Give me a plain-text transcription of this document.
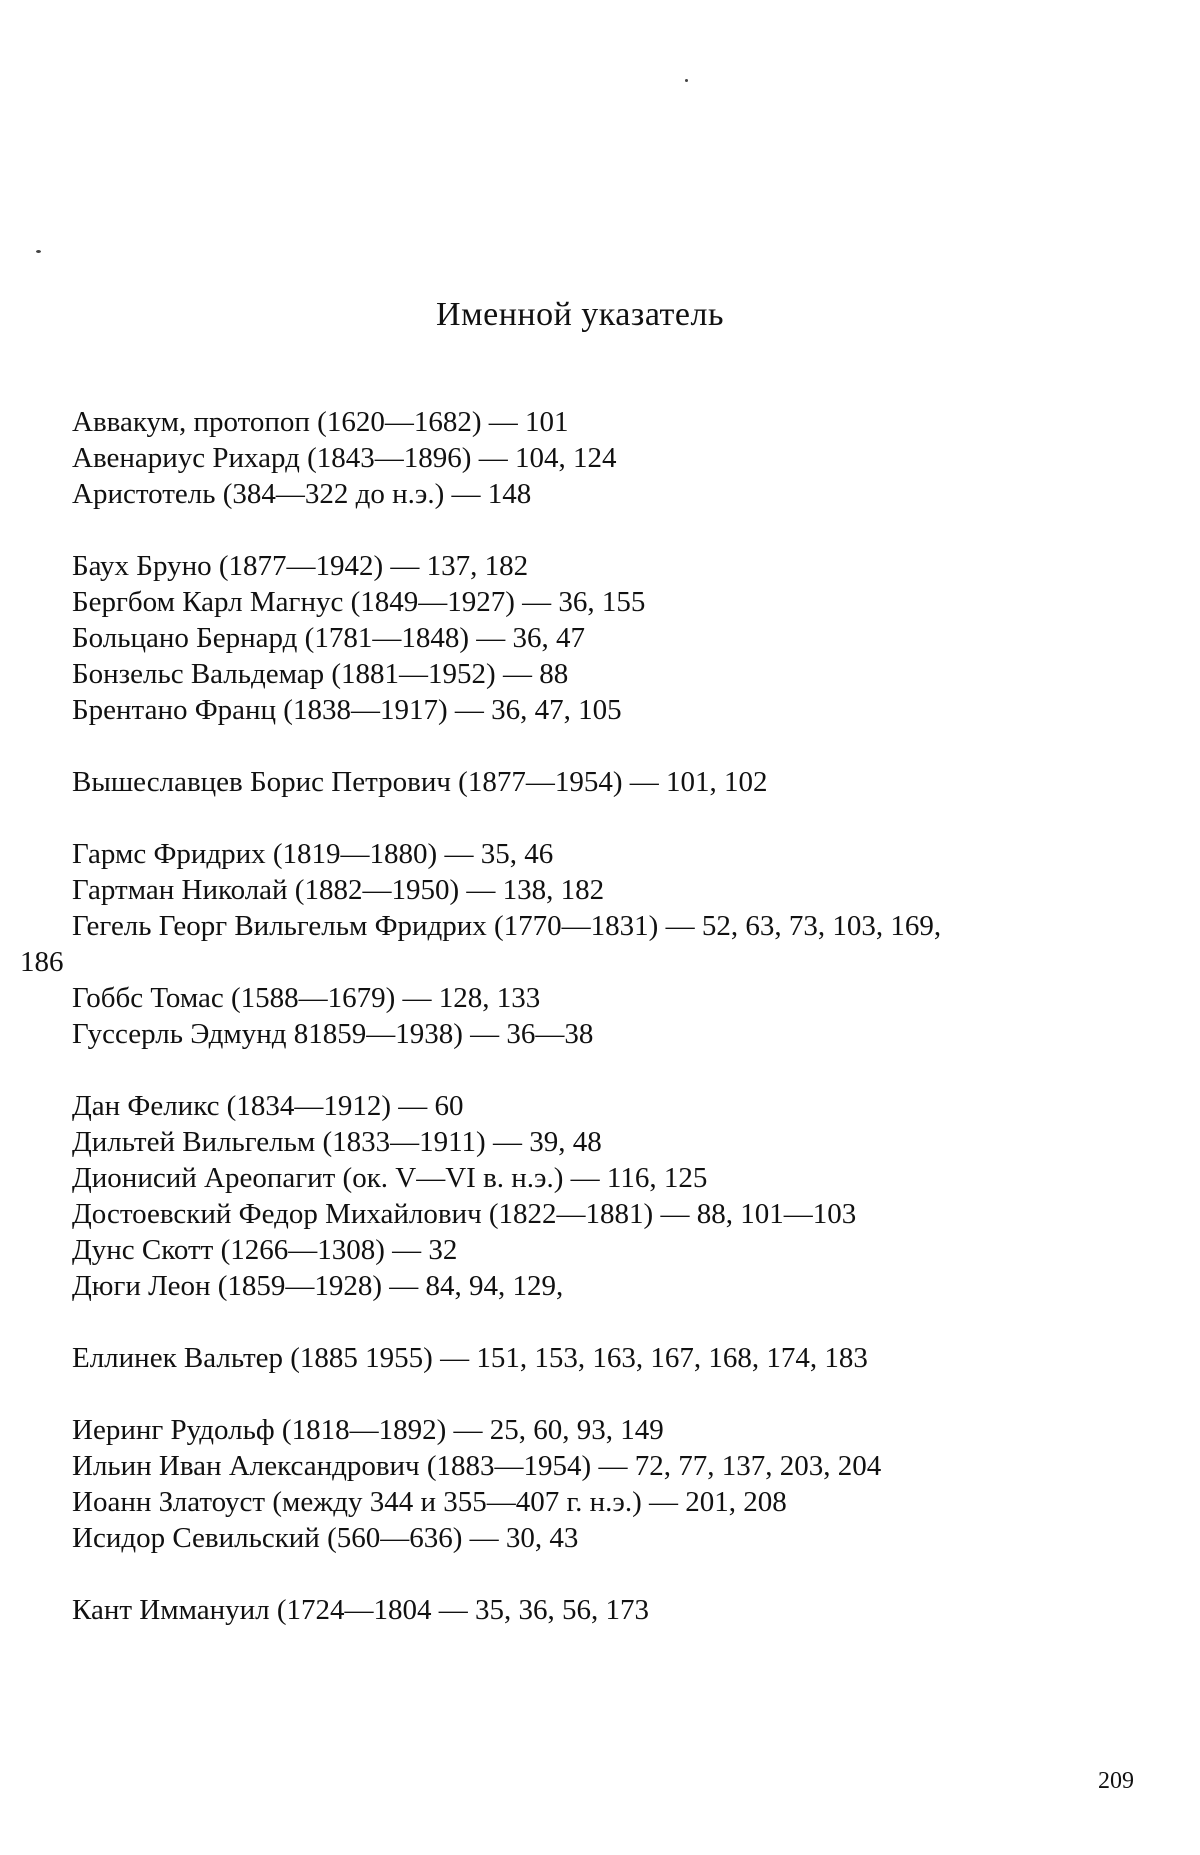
Именной указатель
Аввакум, протопоп (1620—1682) — 101
Авенариус Рихард (1843—1896) — 104, 124
Аристотель (384—322 до н.э.) — 148
Баух Бруно (1877—1942) — 137, 182
Бергбом Карл Магнус (1849—1927) — 36, 155
Больцано Бернард (1781—1848) — 36, 47
Бонзельс Вальдемар (1881—1952) — 88
Брентано Франц (1838—1917) — 36, 47, 105
Вышеславцев Борис Петрович (1877—1954) — 101, 102
Гармс Фридрих (1819—1880) — 35, 46
Гартман Николай (1882—1950) — 138, 182
Гегель Георг Вильгельм Фридрих (1770—1831) — 52, 63, 73, 103, 169,
186
Гоббс Томас (1588—1679) — 128, 133
Гуссерль Эдмунд 81859—1938) — 36—38
Дан Феликс (1834—1912) — 60
Дильтей Вильгельм (1833—1911) — 39, 48
Дионисий Ареопагит (ок. V—VI в. н.э.) — 116, 125
Достоевский Федор Михайлович (1822—1881) — 88, 101—103
Дунс Скотт (1266—1308) — 32
Дюги Леон (1859—1928) — 84, 94, 129,
Еллинек Вальтер (1885 1955) — 151, 153, 163, 167, 168, 174, 183
Иеринг Рудольф (1818—1892) — 25, 60, 93, 149
Ильин Иван Александрович (1883—1954) — 72, 77, 137, 203, 204
Иоанн Златоуст (между 344 и 355—407 г. н.э.) — 201, 208
Исидор Севильский (560—636) — 30, 43
Кант Иммануил (1724—1804 — 35, 36, 56, 173
209
